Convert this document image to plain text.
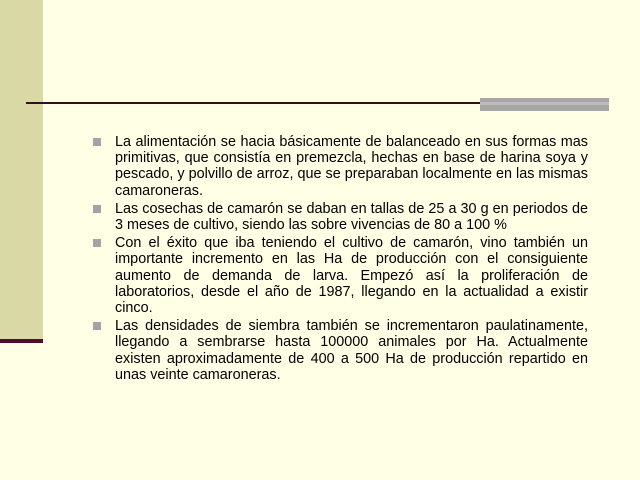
La alimentación se hacia básicamente de balanceado en sus formas mas primitivas, que consistía en premezcla, hechas en base de harina soya y pescado, y polvillo de arroz, que se preparaban localmente en las mismas camaroneras.
Las cosechas de camarón se daban en tallas de 25 a 30 g en periodos de 3 meses de cultivo, siendo las sobre vivencias de 80 a 100 %
Con el éxito que iba teniendo el cultivo de camarón, vino también un importante incremento en las Ha de producción con el consiguiente aumento de demanda de larva. Empezó así la proliferación de laboratorios, desde el año de 1987, llegando en la actualidad a existir cinco.
Las densidades de siembra también se incrementaron paulatinamente, llegando a sembrarse hasta 100000 animales por Ha. Actualmente existen aproximadamente de 400 a 500 Ha de producción repartido en unas veinte camaroneras.
